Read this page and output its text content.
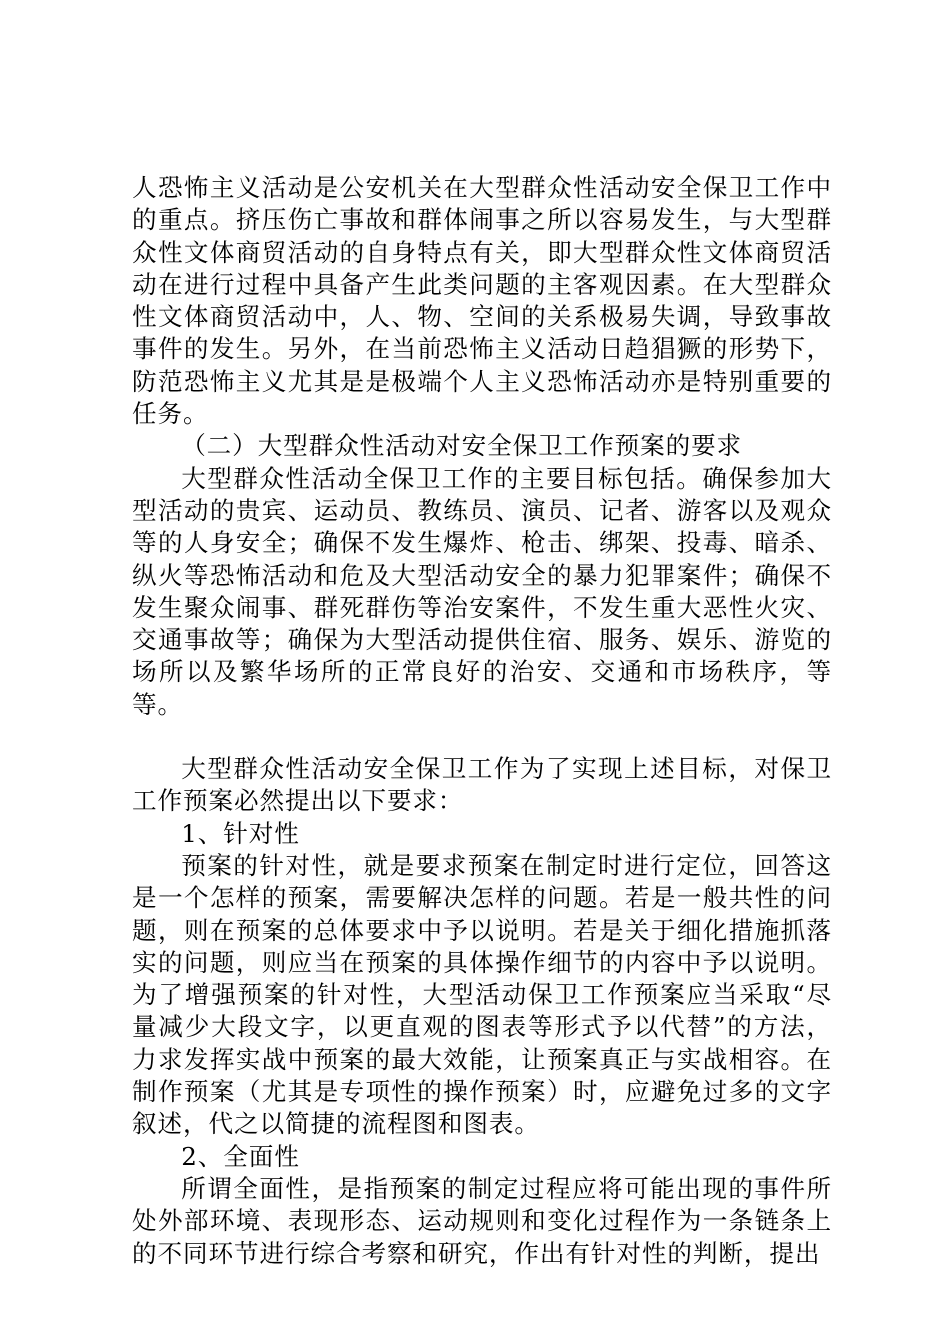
人恐怖主义活动是公安机关在大型群众性活动安全保卫工作中的重点。挤压伤亡事故和群体闹事之所以容易发生，与大型群众性文体商贸活动的自身特点有关，即大型群众性文体商贸活动在进行过程中具备产生此类问题的主客观因素。在大型群众性文体商贸活动中，人、物、空间的关系极易失调，导致事故事件的发生。另外，在当前恐怖主义活动日趋猖獗的形势下，防范恐怖主义尤其是是极端个人主义恐怖活动亦是特别重要的任务。

（二）大型群众性活动对安全保卫工作预案的要求

大型群众性活动全保卫工作的主要目标包括。确保参加大型活动的贵宾、运动员、教练员、演员、记者、游客以及观众等的人身安全；确保不发生爆炸、枪击、绑架、投毒、暗杀、纵火等恐怖活动和危及大型活动安全的暴力犯罪案件；确保不发生聚众闹事、群死群伤等治安案件，不发生重大恶性火灾、交通事故等；确保为大型活动提供住宿、服务、娱乐、游览的场所以及繁华场所的正常良好的治安、交通和市场秩序，等等。

大型群众性活动安全保卫工作为了实现上述目标，对保卫工作预案必然提出以下要求：

1、针对性

预案的针对性，就是要求预案在制定时进行定位，回答这是一个怎样的预案，需要解决怎样的问题。若是一般共性的问题，则在预案的总体要求中予以说明。若是关于细化措施抓落实的问题，则应当在预案的具体操作细节的内容中予以说明。为了增强预案的针对性，大型活动保卫工作预案应当采取“尽量减少大段文字，以更直观的图表等形式予以代替”的方法，力求发挥实战中预案的最大效能，让预案真正与实战相容。在制作预案（尤其是专项性的操作预案）时，应避免过多的文字叙述，代之以简捷的流程图和图表。

2、全面性

所谓全面性，是指预案的制定过程应将可能出现的事件所处外部环境、表现形态、运动规则和变化过程作为一条链条上的不同环节进行综合考察和研究，作出有针对性的判断，提出
